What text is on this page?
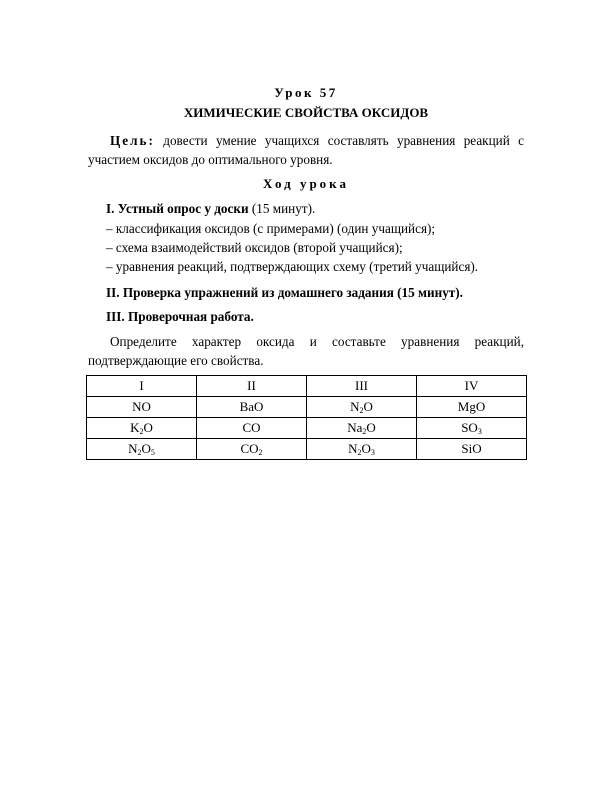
Урок 57
ХИМИЧЕСКИЕ СВОЙСТВА ОКСИДОВ
Цель: довести умение учащихся составлять уравнения реакций с участием оксидов до оптимального уровня.
Ход урока
I. Устный опрос у доски (15 минут).
– классификация оксидов (с примерами) (один учащийся);
– схема взаимодействий оксидов (второй учащийся);
– уравнения реакций, подтверждающих схему (третий учащийся).
II. Проверка упражнений из домашнего задания (15 минут).
III. Проверочная работа.
Определите характер оксида и составьте уравнения реакций, подтверждающие его свойства.
I	II	III	IV
NO	BaO	$N_2O$	MgO
$K_2O$	CO	$Na_2O$	$SO_3$
$N_2O_5$	$CO_2$	$N_2O_3$	SiO
